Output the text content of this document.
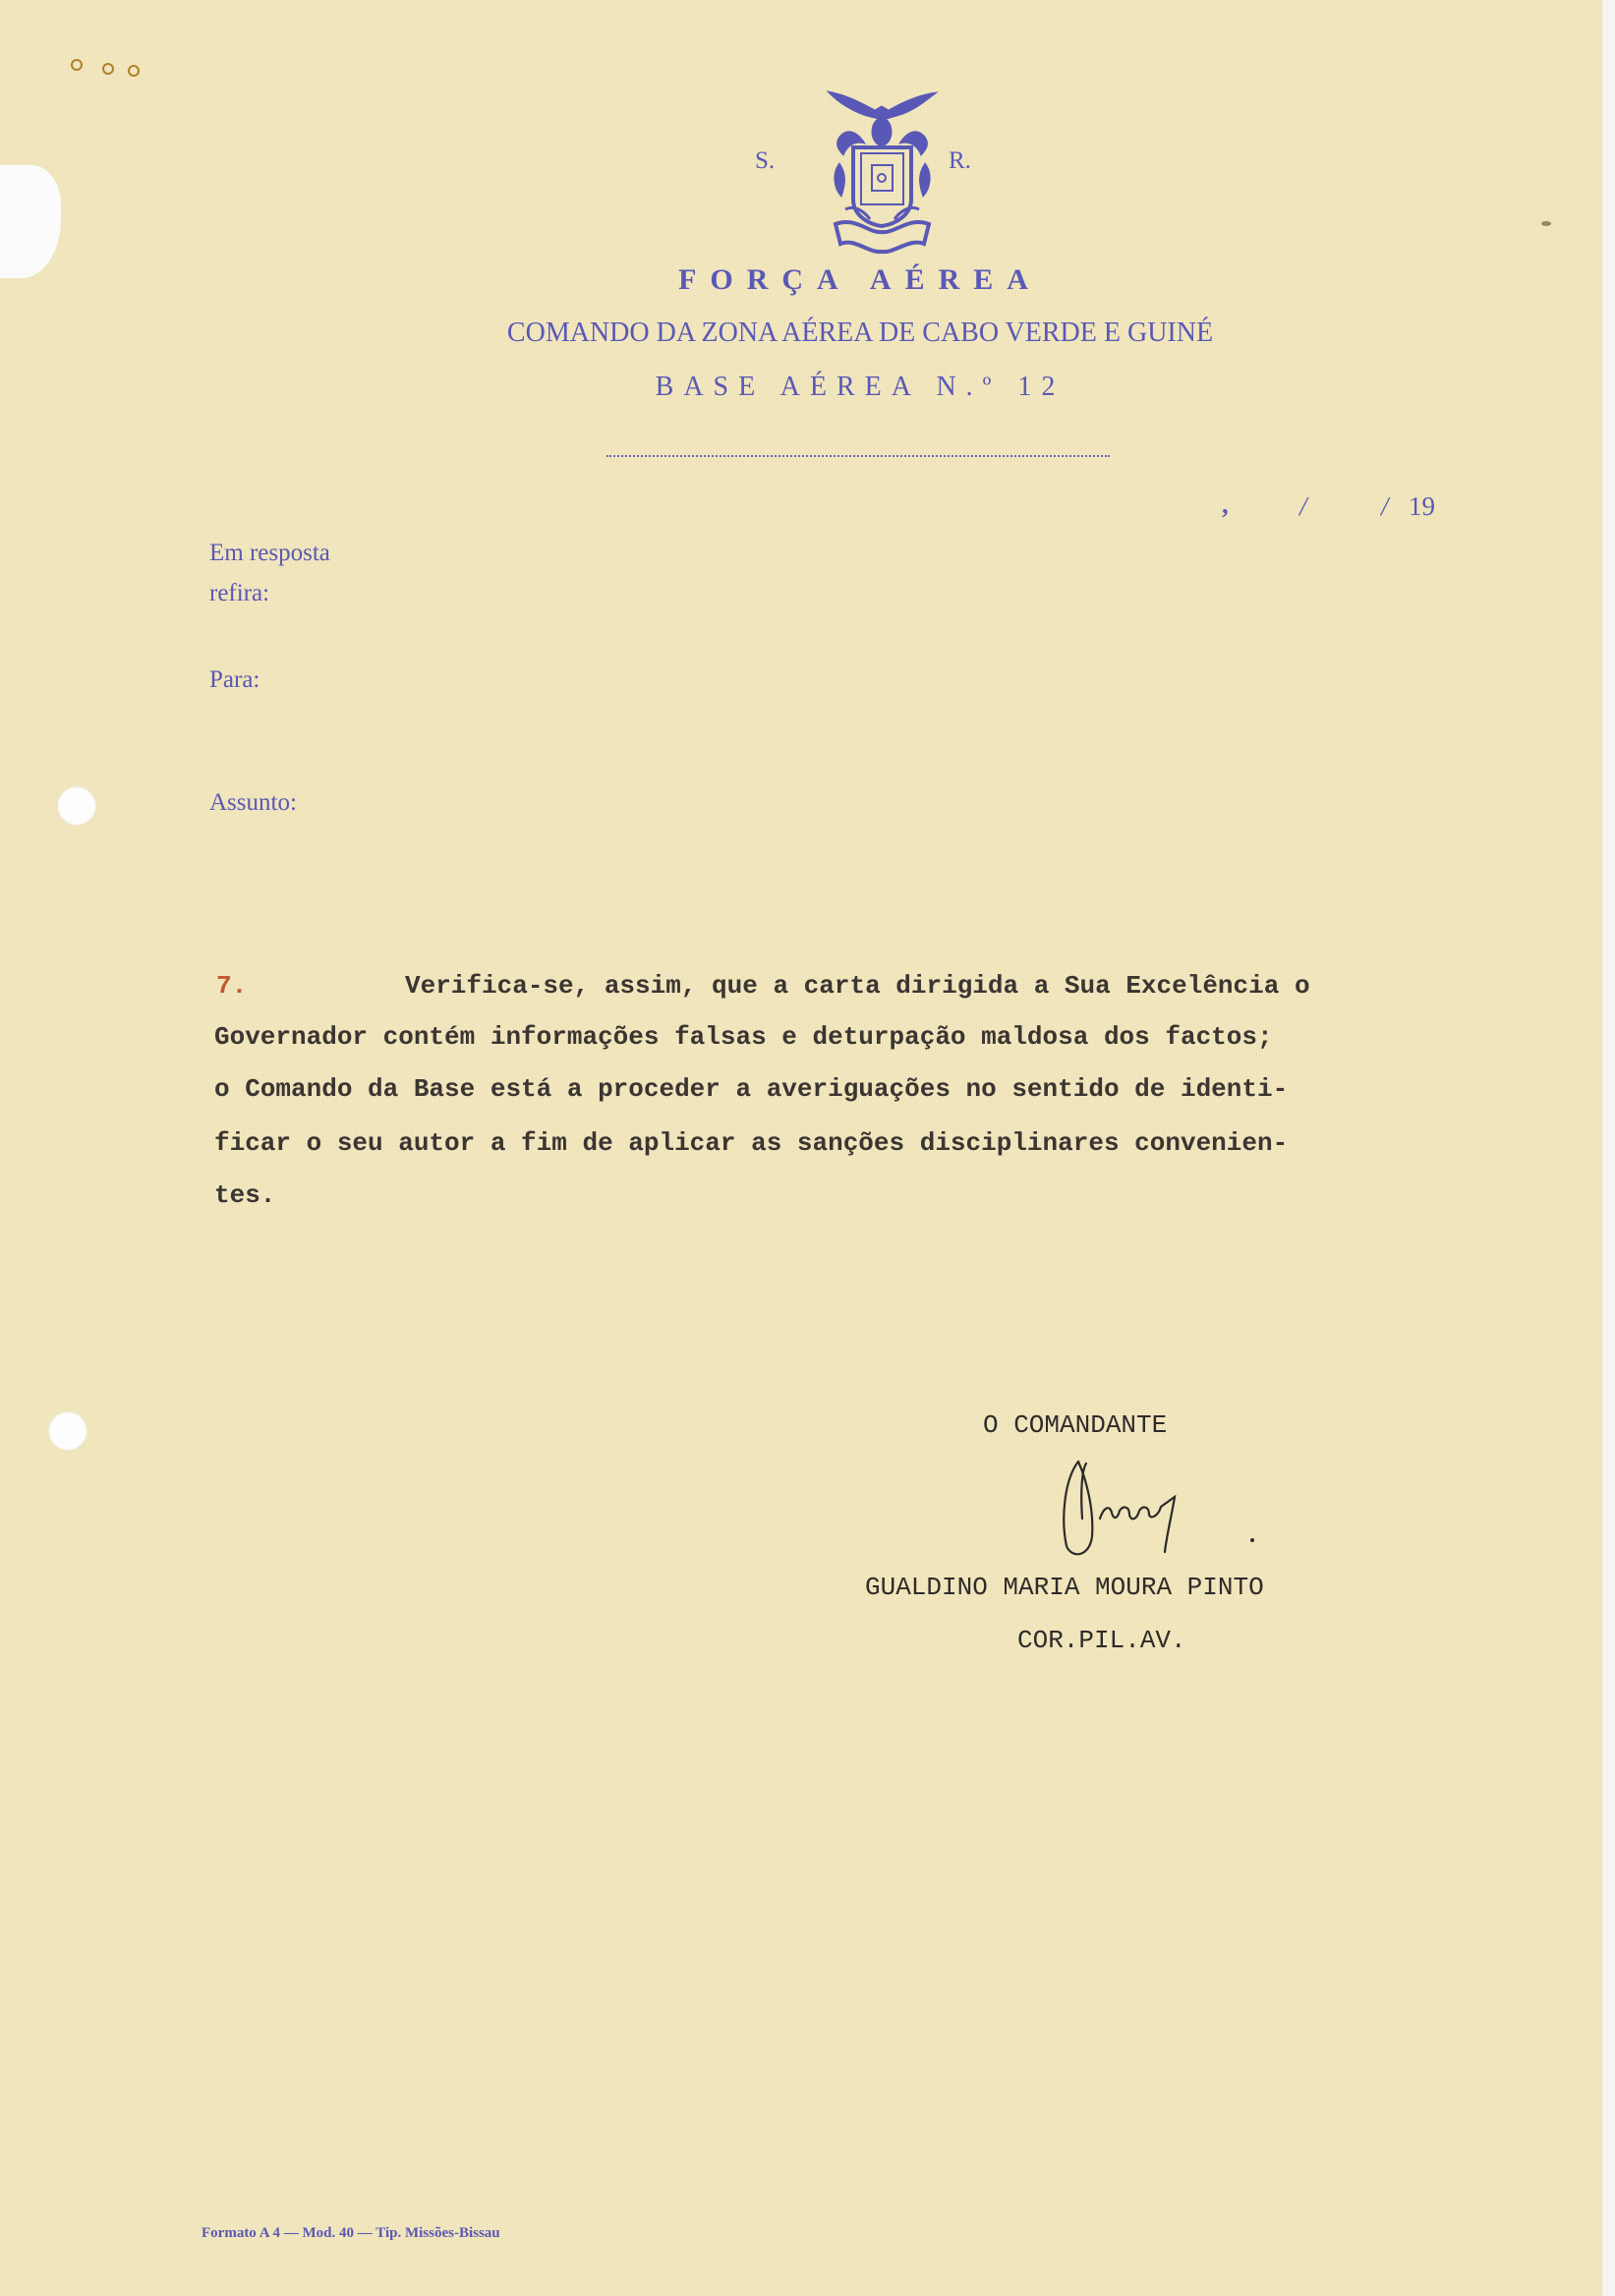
S.	R.
FORÇA AÉREA
COMANDO DA ZONA AÉREA DE CABO VERDE E GUINÉ
BASE AÉREA N.º 12
,	/	/ 19
Em resposta
refira:
Para:
Assunto:
7.	Verifica-se, assim, que a carta dirigida a Sua Excelência o
Governador contém informações falsas e deturpação maldosa dos factos;
o Comando da Base está a proceder a averiguações no sentido de identi-
ficar o seu autor a fim de aplicar as sanções disciplinares convenien-
tes.
O COMANDANTE
GUALDINO MARIA MOURA PINTO
COR.PIL.AV.
Formato A 4 — Mod. 40 — Tip. Missões-Bissau
